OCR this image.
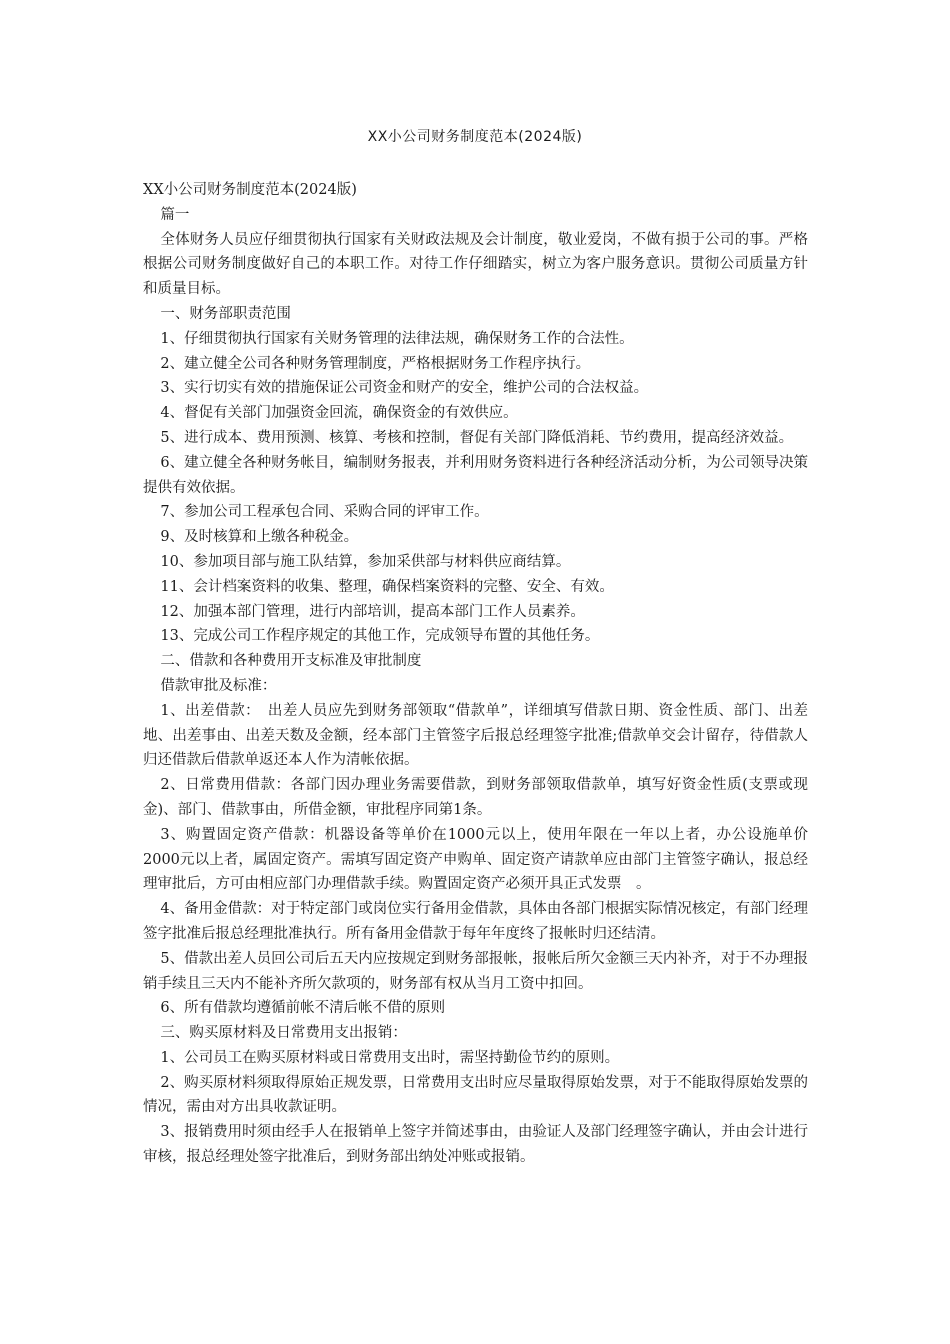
XX小公司财务制度范本(2024版)

XX小公司财务制度范本(2024版)

篇一

全体财务人员应仔细贯彻执行国家有关财政法规及会计制度，敬业爱岗，不做有损于公司的事。严格根据公司财务制度做好自己的本职工作。对待工作仔细踏实，树立为客户服务意识。贯彻公司质量方针和质量目标。

一、财务部职责范围

1、仔细贯彻执行国家有关财务管理的法律法规，确保财务工作的合法性。

2、建立健全公司各种财务管理制度，严格根据财务工作程序执行。

3、实行切实有效的措施保证公司资金和财产的安全，维护公司的合法权益。

4、督促有关部门加强资金回流，确保资金的有效供应。

5、进行成本、费用预测、核算、考核和控制，督促有关部门降低消耗、节约费用，提高经济效益。

6、建立健全各种财务帐目，编制财务报表，并利用财务资料进行各种经济活动分析，为公司领导决策提供有效依据。

7、参加公司工程承包合同、采购合同的评审工作。

9、及时核算和上缴各种税金。

10、参加项目部与施工队结算，参加采供部与材料供应商结算。

11、会计档案资料的收集、整理，确保档案资料的完整、安全、有效。

12、加强本部门管理，进行内部培训，提高本部门工作人员素养。

13、完成公司工作程序规定的其他工作，完成领导布置的其他任务。

二、借款和各种费用开支标准及审批制度

借款审批及标准：

1、出差借款：　出差人员应先到财务部领取“借款单”，详细填写借款日期、资金性质、部门、出差地、出差事由、出差天数及金额，经本部门主管签字后报总经理签字批准;借款单交会计留存，待借款人归还借款后借款单返还本人作为清帐依据。

2、日常费用借款：各部门因办理业务需要借款，到财务部领取借款单，填写好资金性质(支票或现金)、部门、借款事由，所借金额，审批程序同第1条。

3、购置固定资产借款：机器设备等单价在1000元以上，使用年限在一年以上者，办公设施单价2000元以上者，属固定资产。需填写固定资产申购单、固定资产请款单应由部门主管签字确认，报总经理审批后，方可由相应部门办理借款手续。购置固定资产必须开具正式发票　。

4、备用金借款：对于特定部门或岗位实行备用金借款，具体由各部门根据实际情况核定，有部门经理签字批准后报总经理批准执行。所有备用金借款于每年年度终了报帐时归还结清。

5、借款出差人员回公司后五天内应按规定到财务部报帐，报帐后所欠金额三天内补齐，对于不办理报销手续且三天内不能补齐所欠款项的，财务部有权从当月工资中扣回。

6、所有借款均遵循前帐不清后帐不借的原则

三、购买原材料及日常费用支出报销：

1、公司员工在购买原材料或日常费用支出时，需坚持勤俭节约的原则。

2、购买原材料须取得原始正规发票，日常费用支出时应尽量取得原始发票，对于不能取得原始发票的情况，需由对方出具收款证明。

3、报销费用时须由经手人在报销单上签字并简述事由，由验证人及部门经理签字确认，并由会计进行审核，报总经理处签字批准后，到财务部出纳处冲账或报销。
